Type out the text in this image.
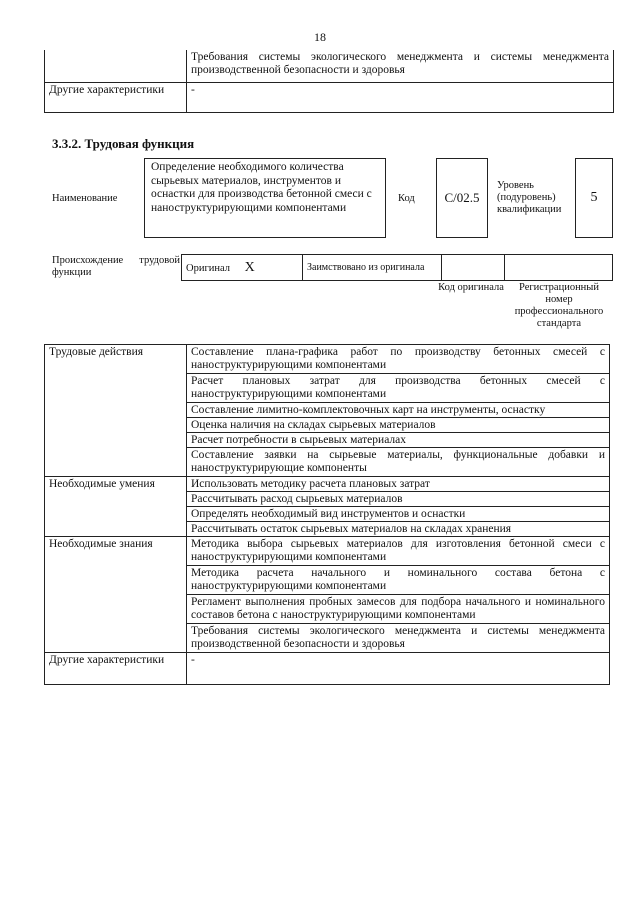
18
	Требования системы экологического менеджмента и системы менеджмента производственной безопасности и здоровья
Другие характеристики	-
3.3.2. Трудовая функция
Наименование
Определение необходимого количества сырьевых материалов, инструментов и оснастки для производства бетонной смеси с наноструктурирующими компонентами
Код	C/02.5
Уровень (подуровень) квалификации
5
Происхождение трудовой функции	Оригинал X	Заимствовано из оригинала		
Код оригинала	Регистрационный номер профессионального стандарта
Трудовые действия	Составление плана-графика работ по производству бетонных смесей с наноструктурирующими компонентами
	Расчет плановых затрат для производства бетонных смесей с наноструктурирующими компонентами
	Составление лимитно-комплектовочных карт на инструменты, оснастку
	Оценка наличия на складах сырьевых материалов
	Расчет потребности в сырьевых материалах
	Составление заявки на сырьевые материалы, функциональные добавки и наноструктурирующие компоненты
Необходимые умения	Использовать методику расчета плановых затрат
	Рассчитывать расход сырьевых материалов
	Определять необходимый вид инструментов и оснастки
	Рассчитывать остаток сырьевых материалов на складах хранения
Необходимые знания	Методика выбора сырьевых материалов для изготовления бетонной смеси с наноструктурирующими компонентами
	Методика расчета начального и номинального состава бетона с наноструктурирующими компонентами
	Регламент выполнения пробных замесов для подбора начального и номинального составов бетона с наноструктурирующими компонентами
	Требования системы экологического менеджмента и системы менеджмента производственной безопасности и здоровья
Другие характеристики	-
